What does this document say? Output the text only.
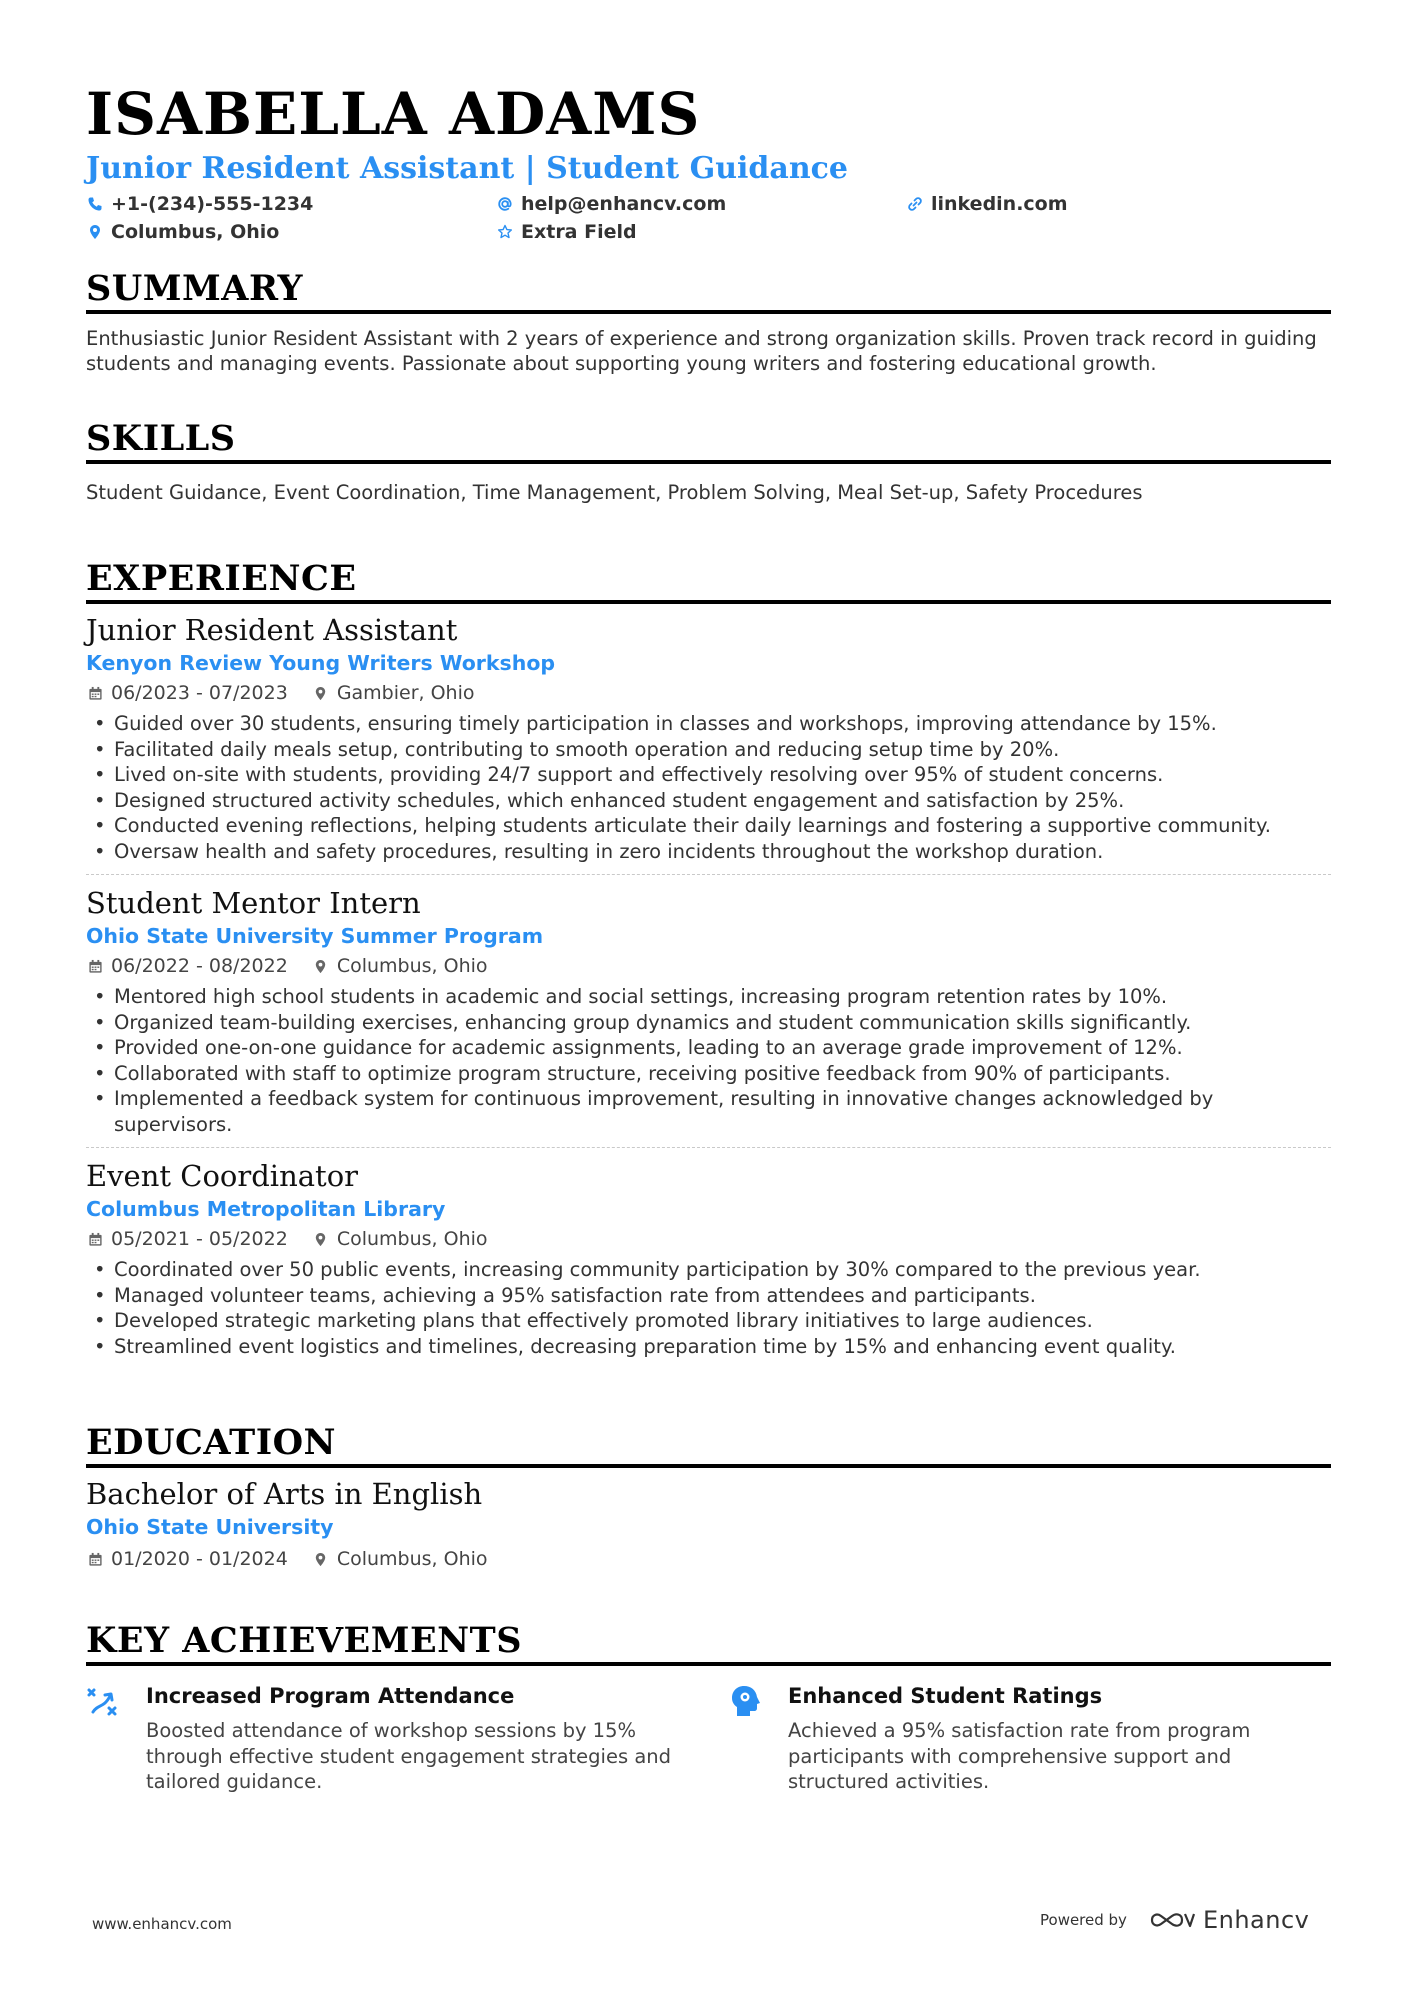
ISABELLA ADAMS
Junior Resident Assistant | Student Guidance
+1-(234)-555-1234	help@enhancv.com	linkedin.com
Columbus, Ohio	Extra Field
SUMMARY
Enthusiastic Junior Resident Assistant with 2 years of experience and strong organization skills. Proven track record in guiding students and managing events. Passionate about supporting young writers and fostering educational growth.
SKILLS
Student Guidance, Event Coordination, Time Management, Problem Solving, Meal Set-up, Safety Procedures
EXPERIENCE
Junior Resident Assistant
Kenyon Review Young Writers Workshop
06/2023 - 07/2023	Gambier, Ohio
• Guided over 30 students, ensuring timely participation in classes and workshops, improving attendance by 15%.
• Facilitated daily meals setup, contributing to smooth operation and reducing setup time by 20%.
• Lived on-site with students, providing 24/7 support and effectively resolving over 95% of student concerns.
• Designed structured activity schedules, which enhanced student engagement and satisfaction by 25%.
• Conducted evening reflections, helping students articulate their daily learnings and fostering a supportive community.
• Oversaw health and safety procedures, resulting in zero incidents throughout the workshop duration.
Student Mentor Intern
Ohio State University Summer Program
06/2022 - 08/2022	Columbus, Ohio
• Mentored high school students in academic and social settings, increasing program retention rates by 10%.
• Organized team-building exercises, enhancing group dynamics and student communication skills significantly.
• Provided one-on-one guidance for academic assignments, leading to an average grade improvement of 12%.
• Collaborated with staff to optimize program structure, receiving positive feedback from 90% of participants.
• Implemented a feedback system for continuous improvement, resulting in innovative changes acknowledged by supervisors.
Event Coordinator
Columbus Metropolitan Library
05/2021 - 05/2022	Columbus, Ohio
• Coordinated over 50 public events, increasing community participation by 30% compared to the previous year.
• Managed volunteer teams, achieving a 95% satisfaction rate from attendees and participants.
• Developed strategic marketing plans that effectively promoted library initiatives to large audiences.
• Streamlined event logistics and timelines, decreasing preparation time by 15% and enhancing event quality.
EDUCATION
Bachelor of Arts in English
Ohio State University
01/2020 - 01/2024	Columbus, Ohio
KEY ACHIEVEMENTS
Increased Program Attendance
Boosted attendance of workshop sessions by 15% through effective student engagement strategies and tailored guidance.
Enhanced Student Ratings
Achieved a 95% satisfaction rate from program participants with comprehensive support and structured activities.
www.enhancv.com	Powered by	Enhancv
